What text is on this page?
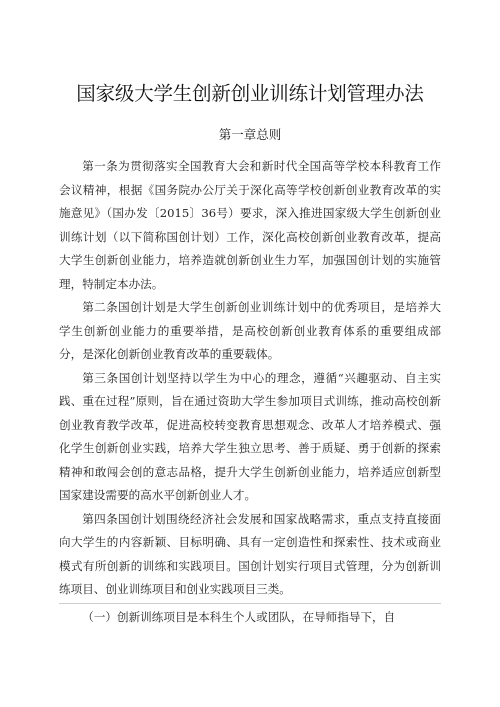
国家级大学生创新创业训练计划管理办法
第一章总则

第一条为贯彻落实全国教育大会和新时代全国高等学校本科教育工作会议精神，根据《国务院办公厅关于深化高等学校创新创业教育改革的实施意见》（国办发〔2015〕36号）要求，深入推进国家级大学生创新创业训练计划（以下简称国创计划）工作，深化高校创新创业教育改革，提高大学生创新创业能力，培养造就创新创业生力军，加强国创计划的实施管理，特制定本办法。

第二条国创计划是大学生创新创业训练计划中的优秀项目，是培养大学生创新创业能力的重要举措，是高校创新创业教育体系的重要组成部分，是深化创新创业教育改革的重要载体。

第三条国创计划坚持以学生为中心的理念，遵循“兴趣驱动、自主实践、重在过程”原则，旨在通过资助大学生参加项目式训练，推动高校创新创业教育教学改革，促进高校转变教育思想观念、改革人才培养模式、强化学生创新创业实践，培养大学生独立思考、善于质疑、勇于创新的探索精神和敢闯会创的意志品格，提升大学生创新创业能力，培养适应创新型国家建设需要的高水平创新创业人才。

第四条国创计划围绕经济社会发展和国家战略需求，重点支持直接面向大学生的内容新颖、目标明确、具有一定创造性和探索性、技术或商业模式有所创新的训练和实践项目。国创计划实行项目式管理，分为创新训练项目、创业训练项目和创业实践项目三类。

（一）创新训练项目是本科生个人或团队，在导师指导下，自
